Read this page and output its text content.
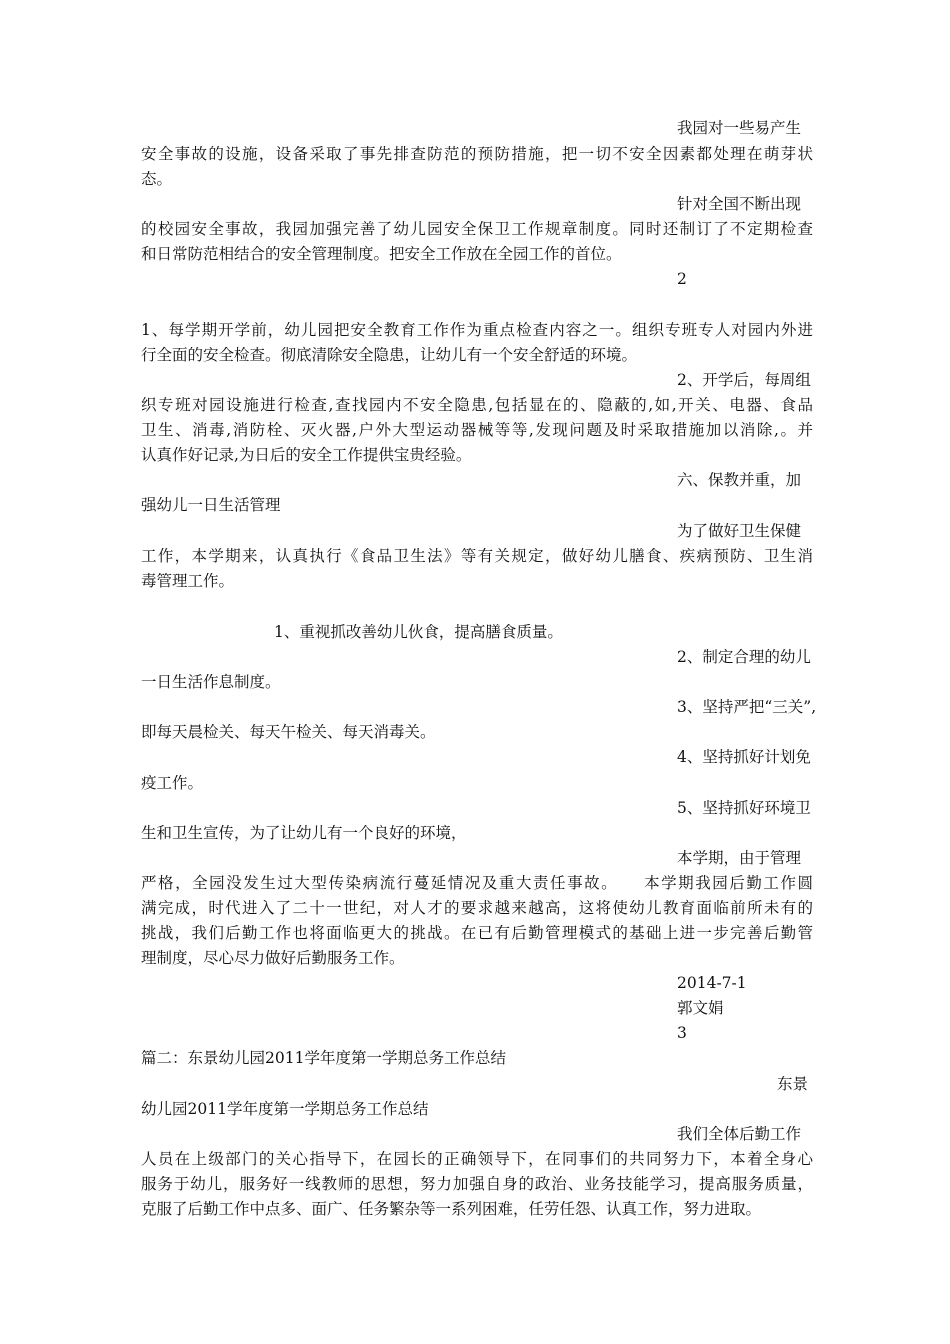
我园对一些易产生
安全事故的设施，设备采取了事先排查防范的预防措施，把一切不安全因素都处理在萌芽状
态。
针对全国不断出现
的校园安全事故，我园加强完善了幼儿园安全保卫工作规章制度。同时还制订了不定期检查
和日常防范相结合的安全管理制度。把安全工作放在全园工作的首位。
2
1、每学期开学前，幼儿园把安全教育工作作为重点检查内容之一。组织专班专人对园内外进
行全面的安全检查。彻底清除安全隐患，让幼儿有一个安全舒适的环境。
2、开学后，每周组
织专班对园设施进行检查,查找园内不安全隐患,包括显在的、隐蔽的,如,开关、电器、食品
卫生、消毒,消防栓、灭火器,户外大型运动器械等等,发现问题及时采取措施加以消除,。并
认真作好记录,为日后的安全工作提供宝贵经验。
六、保教并重，加
强幼儿一日生活管理
为了做好卫生保健
工作，本学期来，认真执行《食品卫生法》等有关规定，做好幼儿膳食、疾病预防、卫生消
毒管理工作。
1、重视抓改善幼儿伙食，提高膳食质量。
2、制定合理的幼儿
一日生活作息制度。
3、坚持严把“三关”,
即每天晨检关、每天午检关、每天消毒关。
4、坚持抓好计划免
疫工作。
5、坚持抓好环境卫
生和卫生宣传，为了让幼儿有一个良好的环境，
本学期，由于管理
严格，全园没发生过大型传染病流行蔓延情况及重大责任事故。    本学期我园后勤工作圆
满完成，时代进入了二十一世纪，对人才的要求越来越高，这将使幼儿教育面临前所未有的
挑战，我们后勤工作也将面临更大的挑战。在已有后勤管理模式的基础上进一步完善后勤管
理制度，尽心尽力做好后勤服务工作。
2014-7-1
郭文娟
3
篇二：东景幼儿园2011学年度第一学期总务工作总结
东景
幼儿园2011学年度第一学期总务工作总结
我们全体后勤工作
人员在上级部门的关心指导下，在园长的正确领导下，在同事们的共同努力下，本着全身心
服务于幼儿，服务好一线教师的思想，努力加强自身的政治、业务技能学习，提高服务质量，
克服了后勤工作中点多、面广、任务繁杂等一系列困难，任劳任怨、认真工作，努力进取。
